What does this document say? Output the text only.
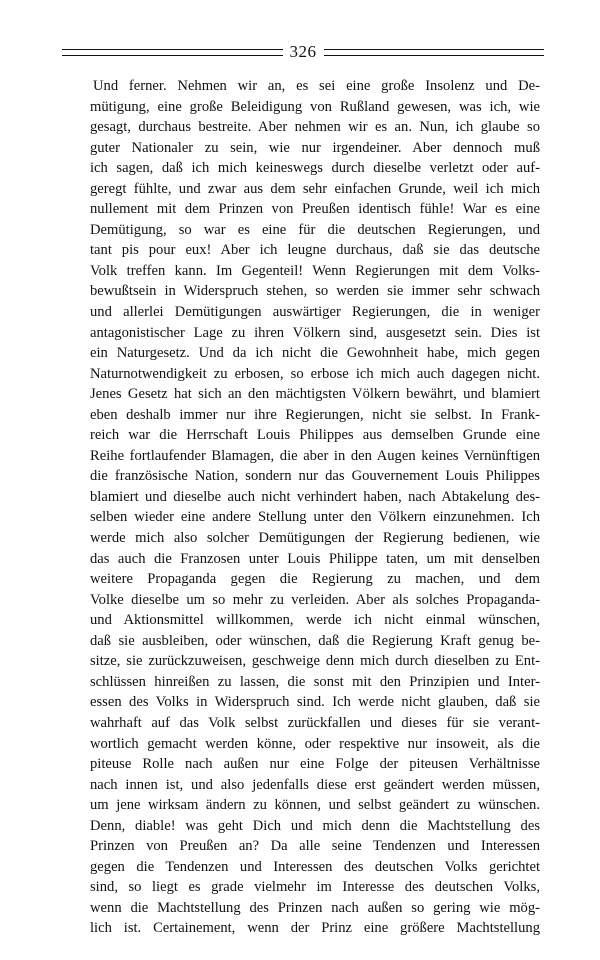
326
Und ferner. Nehmen wir an, es sei eine große Insolenz und De-
mütigung, eine große Beleidigung von Rußland gewesen, was ich, wie
gesagt, durchaus bestreite. Aber nehmen wir es an. Nun, ich glaube so
guter Nationaler zu sein, wie nur irgendeiner. Aber dennoch muß
ich sagen, daß ich mich keineswegs durch dieselbe verletzt oder auf-
geregt fühlte, und zwar aus dem sehr einfachen Grunde, weil ich mich
nullement mit dem Prinzen von Preußen identisch fühle! War es eine
Demütigung, so war es eine für die deutschen Regierungen, und
tant pis pour eux! Aber ich leugne durchaus, daß sie das deutsche
Volk treffen kann. Im Gegenteil! Wenn Regierungen mit dem Volks-
bewußtsein in Widerspruch stehen, so werden sie immer sehr schwach
und allerlei Demütigungen auswärtiger Regierungen, die in weniger
antagonistischer Lage zu ihren Völkern sind, ausgesetzt sein. Dies ist
ein Naturgesetz. Und da ich nicht die Gewohnheit habe, mich gegen
Naturnotwendigkeit zu erbosen, so erbose ich mich auch dagegen nicht.
Jenes Gesetz hat sich an den mächtigsten Völkern bewährt, und blamiert
eben deshalb immer nur ihre Regierungen, nicht sie selbst. In Frank-
reich war die Herrschaft Louis Philippes aus demselben Grunde eine
Reihe fortlaufender Blamagen, die aber in den Augen keines Vernünftigen
die französische Nation, sondern nur das Gouvernement Louis Philippes
blamiert und dieselbe auch nicht verhindert haben, nach Abtakelung des-
selben wieder eine andere Stellung unter den Völkern einzunehmen. Ich
werde mich also solcher Demütigungen der Regierung bedienen, wie
das auch die Franzosen unter Louis Philippe taten, um mit denselben
weitere Propaganda gegen die Regierung zu machen, und dem
Volke dieselbe um so mehr zu verleiden. Aber als solches Propaganda-
und Aktionsmittel willkommen, werde ich nicht einmal wünschen,
daß sie ausbleiben, oder wünschen, daß die Regierung Kraft genug be-
sitze, sie zurückzuweisen, geschweige denn mich durch dieselben zu Ent-
schlüssen hinreißen zu lassen, die sonst mit den Prinzipien und Inter-
essen des Volks in Widerspruch sind. Ich werde nicht glauben, daß sie
wahrhaft auf das Volk selbst zurückfallen und dieses für sie verant-
wortlich gemacht werden könne, oder respektive nur insoweit, als die
piteuse Rolle nach außen nur eine Folge der piteusen Verhältnisse
nach innen ist, und also jedenfalls diese erst geändert werden müssen,
um jene wirksam ändern zu können, und selbst geändert zu wünschen.
Denn, diable! was geht Dich und mich denn die Machtstellung des
Prinzen von Preußen an? Da alle seine Tendenzen und Interessen
gegen die Tendenzen und Interessen des deutschen Volks gerichtet
sind, so liegt es grade vielmehr im Interesse des deutschen Volks,
wenn die Machtstellung des Prinzen nach außen so gering wie mög-
lich ist. Certainement, wenn der Prinz eine größere Machtstellung
